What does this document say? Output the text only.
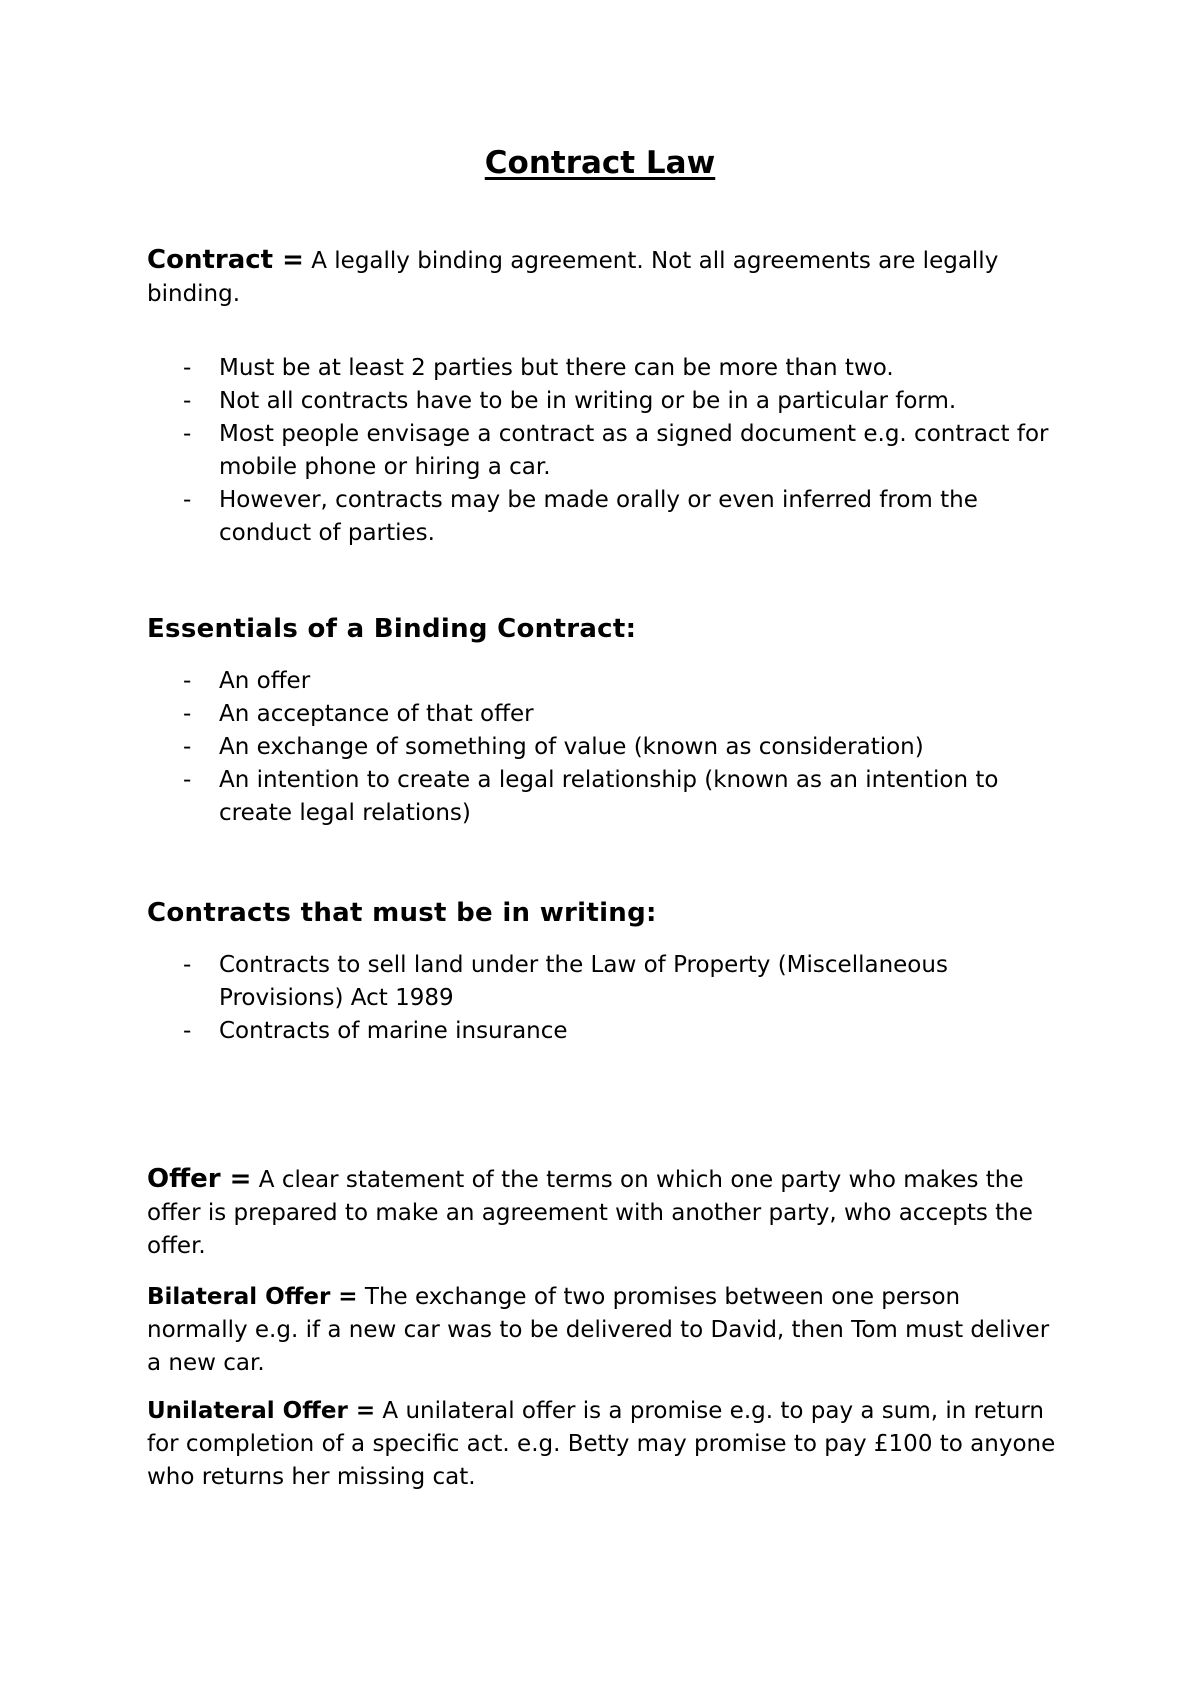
Contract Law

Contract = A legally binding agreement. Not all agreements are legally binding.

- Must be at least 2 parties but there can be more than two.
- Not all contracts have to be in writing or be in a particular form.
- Most people envisage a contract as a signed document e.g. contract for mobile phone or hiring a car.
- However, contracts may be made orally or even inferred from the conduct of parties.
Essentials of a Binding Contract:
- An offer
- An acceptance of that offer
- An exchange of something of value (known as consideration)
- An intention to create a legal relationship (known as an intention to create legal relations)
Contracts that must be in writing:
- Contracts to sell land under the Law of Property (Miscellaneous Provisions) Act 1989
- Contracts of marine insurance

Offer = A clear statement of the terms on which one party who makes the offer is prepared to make an agreement with another party, who accepts the offer.

Bilateral Offer = The exchange of two promises between one person normally e.g. if a new car was to be delivered to David, then Tom must deliver a new car.

Unilateral Offer = A unilateral offer is a promise e.g. to pay a sum, in return for completion of a specific act. e.g. Betty may promise to pay £100 to anyone who returns her missing cat.
